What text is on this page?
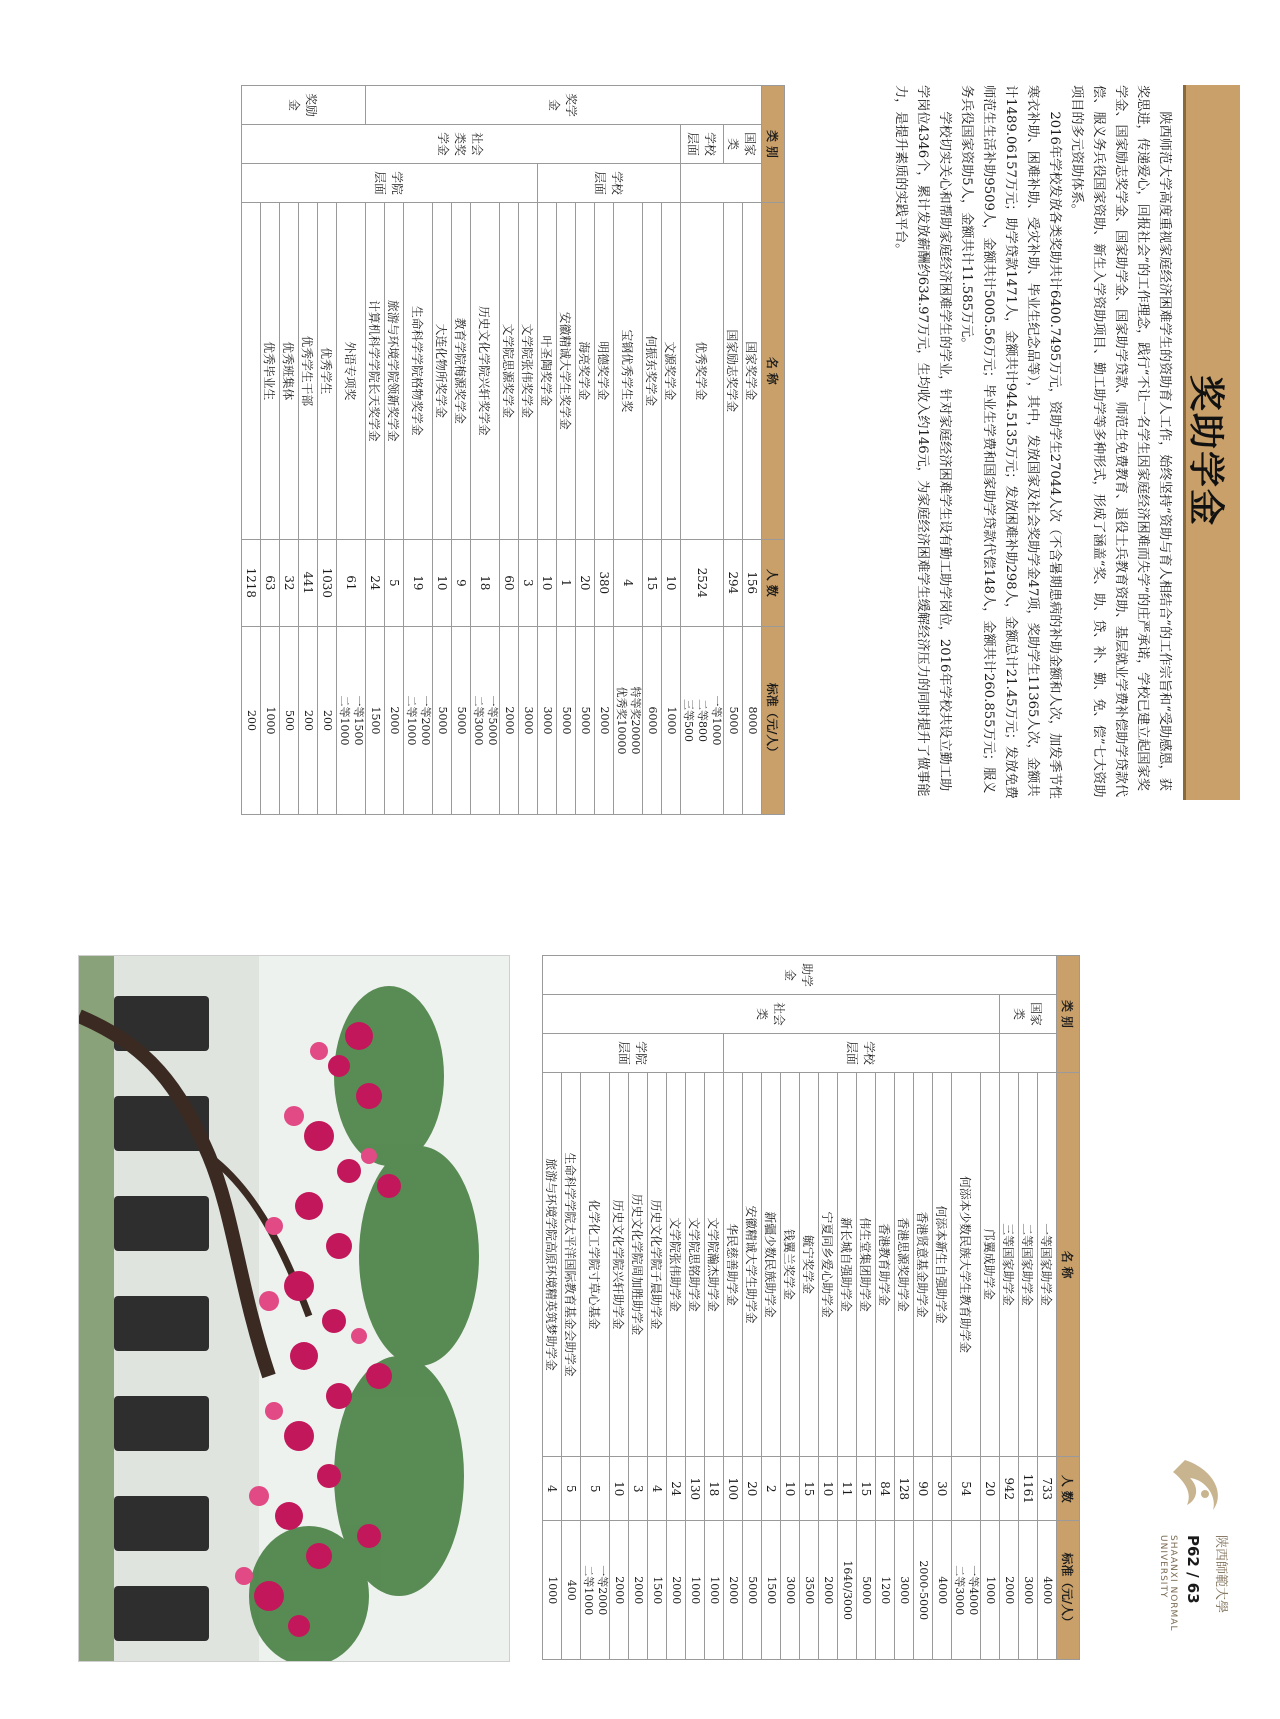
奖助学金

陕西师范大学高度重视家庭经济困难学生的资助育人工作，始终坚持“资助与育人相结合”的工作宗旨和“受助感恩，获奖思进，传递爱心，回报社会”的工作理念，践行“不让一名学生因家庭经济困难而失学”的庄严承诺，学校已建立起国家奖学金、国家励志奖学金、国家助学金、国家助学贷款、师范生免费教育、退役士兵教育资助、基层就业学费补偿助学贷款代偿、服义务兵役国家资助、新生入学资助项目、勤工助学等多种形式，形成了涵盖“奖、助、贷、补、勤、免、偿”七大资助项目的多元资助体系。

2016年学校发放各类奖助共计6400.7495万元，资助学生27044人次（不含暑期患病的补助金额和人次，加发季节性寒衣补助、困难补助、受灾补助、毕业生纪念品等），其中，发放国家及社会奖助学金47项，奖助学生11365人次，金额共计1489.06157万元；助学贷款1471人，金额共计944.5135万元；发放困难补助298人，金额总计21.45万元；发放免费师范生生活补助9509人，金额共计5005.56万元；毕业生学费和国家助学贷款代偿148人，金额共计260.855万元；服义务兵役国家资助5人，金额共计11.585万元。

学校切实关心和帮助家庭经济困难学生的学业，针对家庭经济困难学生设有勤工助学岗位，2016年学校共设立勤工助学岗位4346个，累计发放薪酬约634.97万元，生均收入约146元，为家庭经济困难学生缓解经济压力的同时提升了做事能力，是提升素质的实践平台。

类 别			名 称	人 数	标准（元/人）
奖学金	国家类		国家奖学金	156	8000

			国家励志奖学金	294	5000

	学校层面		优秀奖学金	2524	一等1000
二等800
三等500

	社会类奖学金	学校层面	文源奖学金	10	1000

			何振东奖学金	15	6000

			宝钢优秀学生奖	4	特等奖20000
优秀奖10000

			明德奖学金	380	2000

			海亮奖学金	20	5000

			安徽精诚大学生奖学金	1	5000

			叶圣陶奖学金	10	3000

		学院层面	文学院张伟奖学金	3	3000

			文学院思源奖学金	60	2000

			历史文化学院兴轩奖学金	18	一等5000
二等3000

			教育学院梅源奖学金	9	5000

			大连化物所奖学金	10	5000

			生命科学学院格物奖学金	19	一等2000
二等1000

			旅游与环境学院领新奖学金	5	2000

			计算机科学学院长天奖学金	24	1500

奖励金			外语专项奖	61	一等1500
二等1000

			优秀学生	1030	200

			优秀学生干部	441	200

			优秀班集体	32	500

			优秀毕业生	63	1000

				1218	200
陕西師範大學
P62 / 63
SHAANXI NORMAL UNIVERSITY
类 别			名 称	人 数	标准（元/人）
助学金	国家类		一等国家助学金	733	4000

			二等国家助学金	1161	3000

			三等国家助学金	942	2000

	社会类	学校层面	邝翼成助学金	20	1000

			何添本少数民族大学生教育助学金	54	一等4000
二等3000

			何添本新生自强助学金	30	4000

			香港贤意基金助学金	90	2000-5000

			香港思源奖助学金	128	3000

			香港教育助学金	84	1200

			伟生堂集团助学金	15	5000

			新长城自强助学金	11	1640/3000

			宁夏同乡爱心助学金	10	2000

			毓宁奖学金	15	3500

			钱翼兰奖学金	10	3000

			新疆少数民族助学金	2	1500

			安徽精诚大学生助学金	20	5000

			华民慈善助学金	100	2000

		学院层面	文学院瀚杰助学金	18	1000

			文学院思铭助学金	130	1000

			文学院张伟助学金	24	2000

			历史文化学院子晨助学金	4	1500

			历史文化学院周加胜助学金	3	2000

			历史文化学院兴轩助学金	10	2000

			化学化工学院寸草心基金	5	一等2000
二等1000

			生命科学学院太平洋国际教育基金会助学金	5	400

			旅游与环境学院高原环境精英筑梦助学金	4	1000
